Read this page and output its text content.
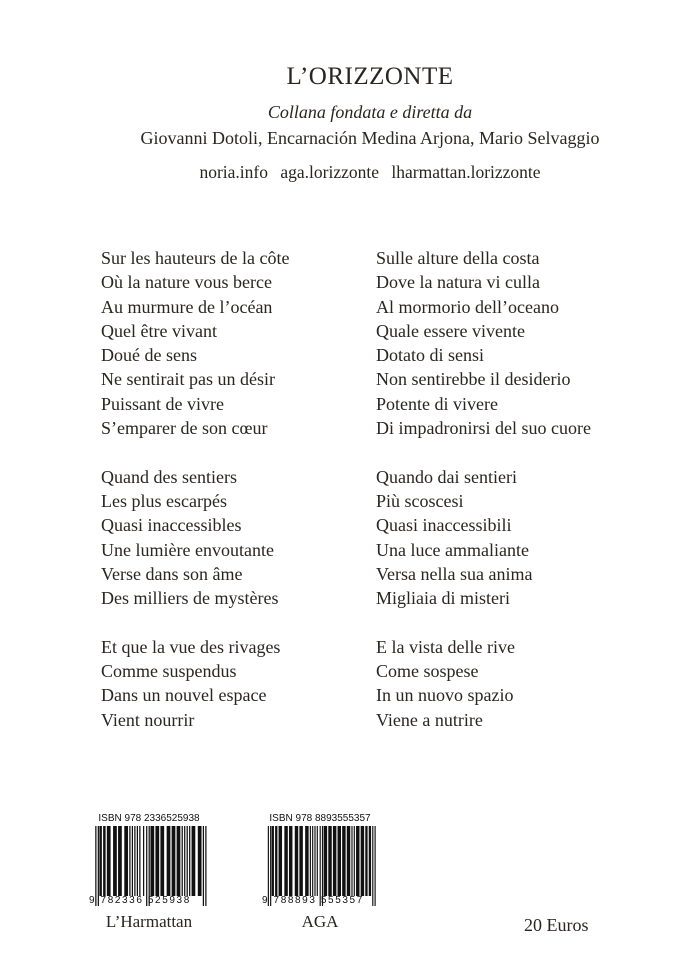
L’ORIZZONTE
Collana fondata e diretta da
Giovanni Dotoli, Encarnación Medina Arjona, Mario Selvaggio
noria.info aga.lorizzonte lharmattan.lorizzonte
Sur les hauteurs de la côte
Où la nature vous berce
Au murmure de l’océan
Quel être vivant
Doué de sens
Ne sentirait pas un désir
Puissant de vivre
S’emparer de son cœur
Quand des sentiers
Les plus escarpés
Quasi inaccessibles
Une lumière envoutante
Verse dans son âme
Des milliers de mystères
Et que la vue des rivages
Comme suspendus
Dans un nouvel espace
Vient nourrir
Sulle alture della costa
Dove la natura vi culla
Al mormorio dell’oceano
Quale essere vivente
Dotato di sensi
Non sentirebbe il desiderio
Potente di vivere
Di impadronirsi del suo cuore
Quando dai sentieri
Più scoscesi
Quasi inaccessibili
Una luce ammaliante
Versa nella sua anima
Migliaia di misteri
E la vista delle rive
Come sospese
In un nuovo spazio
Viene a nutrire
ISBN 978 2336525938
9 782336 525938
L’Harmattan
ISBN 978 8893555357
9 788893 555357
AGA	20 Euros
